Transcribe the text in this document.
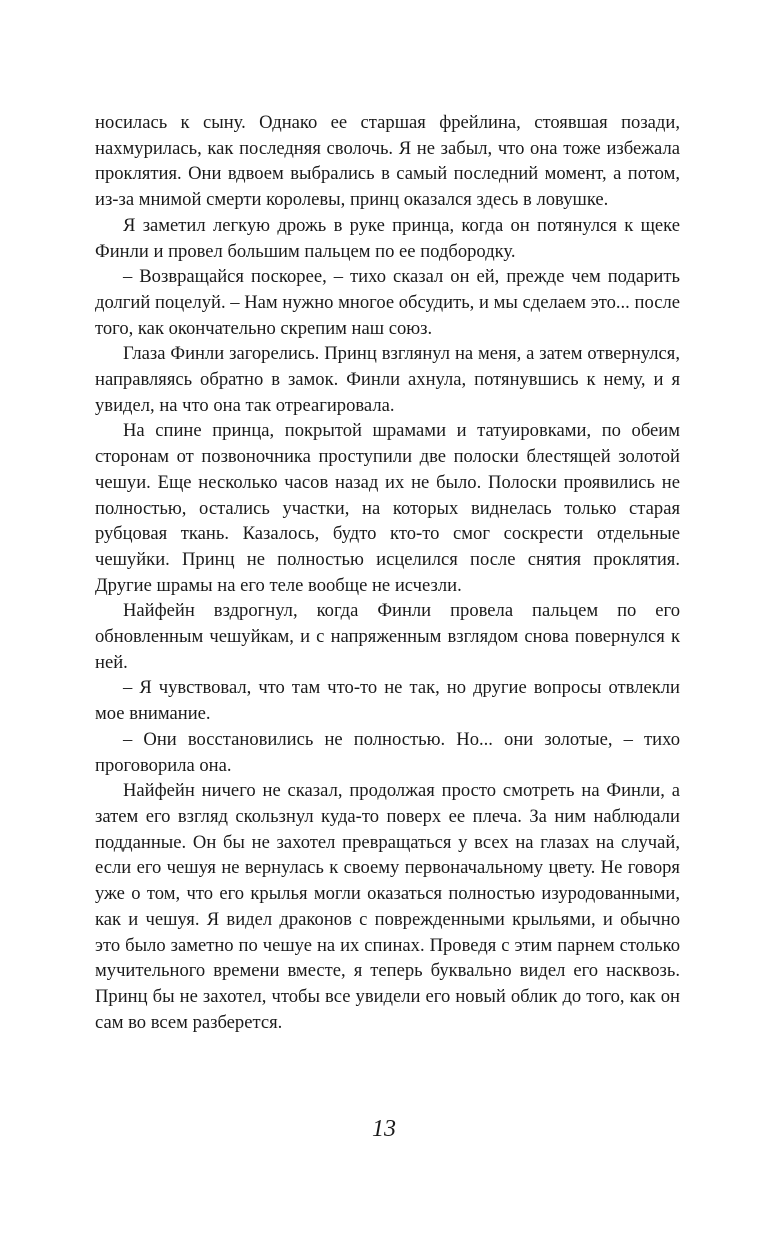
носилась к сыну. Однако ее старшая фрейлина, стоявшая позади, нахмурилась, как последняя сволочь. Я не забыл, что она тоже избежала проклятия. Они вдвоем выбрались в самый последний момент, а потом, из-за мнимой смерти королевы, принц оказался здесь в ловушке.

Я заметил легкую дрожь в руке принца, когда он потянулся к щеке Финли и провел большим пальцем по ее подбородку.

– Возвращайся поскорее, – тихо сказал он ей, прежде чем подарить долгий поцелуй. – Нам нужно многое обсудить, и мы сделаем это... после того, как окончательно скрепим наш союз.

Глаза Финли загорелись. Принц взглянул на меня, а затем отвернулся, направляясь обратно в замок. Финли ахнула, потянувшись к нему, и я увидел, на что она так отреагировала.

На спине принца, покрытой шрамами и татуировками, по обеим сторонам от позвоночника проступили две полоски блестящей золотой чешуи. Еще несколько часов назад их не было. Полоски проявились не полностью, остались участки, на которых виднелась только старая рубцовая ткань. Казалось, будто кто-то смог соскрести отдельные чешуйки. Принц не полностью исцелился после снятия проклятия. Другие шрамы на его теле вообще не исчезли.

Найфейн вздрогнул, когда Финли провела пальцем по его обновленным чешуйкам, и с напряженным взглядом снова повернулся к ней.

– Я чувствовал, что там что-то не так, но другие вопросы отвлекли мое внимание.

– Они восстановились не полностью. Но... они золотые, – тихо проговорила она.

Найфейн ничего не сказал, продолжая просто смотреть на Финли, а затем его взгляд скользнул куда-то поверх ее плеча. За ним наблюдали подданные. Он бы не захотел превращаться у всех на глазах на случай, если его чешуя не вернулась к своему первоначальному цвету. Не говоря уже о том, что его крылья могли оказаться полностью изуродованными, как и чешуя. Я видел драконов с поврежденными крыльями, и обычно это было заметно по чешуе на их спинах. Проведя с этим парнем столько мучительного времени вместе, я теперь буквально видел его насквозь. Принц бы не захотел, чтобы все увидели его новый облик до того, как он сам во всем разберется.

13
